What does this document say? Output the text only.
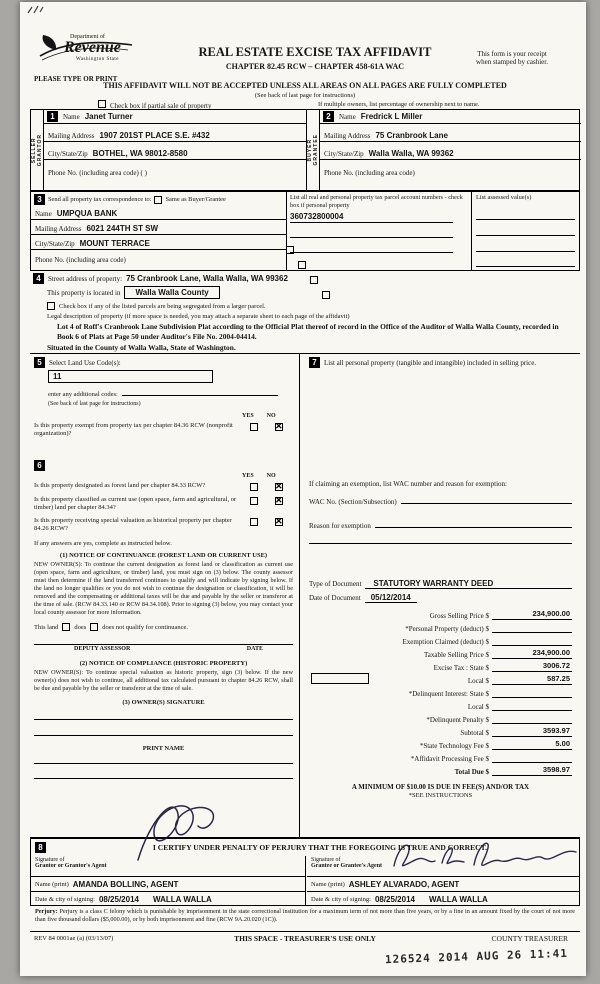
Department of
Revenue
Washington State
PLEASE TYPE OR PRINT
REAL ESTATE EXCISE TAX AFFIDAVIT
CHAPTER 82.45 RCW – CHAPTER 458-61A WAC
This form is your receipt
when stamped by cashier.
THIS AFFIDAVIT WILL NOT BE ACCEPTED UNLESS ALL AREAS ON ALL PAGES ARE FULLY COMPLETED
(See back of last page for instructions)
Check box if partial sale of property	If multiple owners, list percentage of ownership next to name.
SELLER GRANTOR
1	Name Janet Turner
Mailing Address 1907 201ST PLACE S.E. #432
City/State/Zip BOTHEL, WA 98012-8580
Phone No. (including area code) ( )
BUYER GRANTEE
2	Name Fredrick L Miller
Mailing Address 75 Cranbrook Lane
City/State/Zip Walla Walla, WA 99362
Phone No. (including area code)
3 Send all property tax correspondence to: Same as Buyer/Grantee
Name UMPQUA BANK
Mailing Address 6021 244TH ST SW
City/State/Zip MOUNT TERRACE
Phone No. (including area code)
List all real and personal property tax parcel account numbers - check box if personal property
360732800004

List assessed value(s)
4	Street address of property: 75 Cranbrook Lane, Walla Walla, WA 99362
This property is located in	Walla Walla County
Check box if any of the listed parcels are being segregated from a larger parcel.
Legal description of property (if more space is needed, you may attach a separate sheet to each page of the affidavit)
Lot 4 of Roff's Cranbrook Lane Subdivision Plat according to the Official Plat thereof of record in the Office of the Auditor of Walla Walla County, recorded in Book 6 of Plats at Page 50 under Auditor's File No. 2004-04414.
Situated in the County of Walla Walla, State of Washington.
5	Select Land Use Code(s):
11
enter any additional codes:
(See back of last page for instructions)
YES NO
Is this property exempt from property tax per chapter 84.36 RCW (nonprofit organization)?
✕
6
YES NO
Is this property designated as forest land per chapter 84.33 RCW?
✕
Is this property classified as current use (open space, farm and agricultural, or timber) land per chapter 84.34?
✕
Is this property receiving special valuation as historical property per chapter 84.26 RCW?
✕
If any answers are yes, complete as instructed below.
(1) NOTICE OF CONTINUANCE (FOREST LAND OR CURRENT USE)
NEW OWNER(S): To continue the current designation as forest land or classification as current use (open space, farm and agriculture, or timber) land, you must sign on (3) below. The county assessor must then determine if the land transferred continues to qualify and will indicate by signing below. If the land no longer qualifies or you do not wish to continue the designation or classification, it will be removed and the compensating or additional taxes will be due and payable by the seller or transferor at the time of sale. (RCW 84.33.140 or RCW 84.34.108). Prior to signing (3) below, you may contact your local county assessor for more information.
This land does does not qualify for continuance.
DEPUTY ASSESSOR	DATE
(2) NOTICE OF COMPLIANCE (HISTORIC PROPERTY)
NEW OWNER(S): To continue special valuation as historic property, sign (3) below. If the new owner(s) does not wish to continue, all additional tax calculated pursuant to chapter 84.26 RCW, shall be due and payable by the seller or transferor at the time of sale.
(3) OWNER(S) SIGNATURE
PRINT NAME
7	List all personal property (tangible and intangible) included in selling price.
If claiming an exemption, list WAC number and reason for exemption:
WAC No. (Section/Subsection)
Reason for exemption
Type of Document	STATUTORY WARRANTY DEED
Date of Document	05/12/2014
Gross Selling Price $	234,900.00
*Personal Property (deduct) $
Exemption Claimed (deduct) $
Taxable Selling Price $	234,900.00
Excise Tax : State $	3006.72
Local $	587.25
*Delinquent Interest: State $
Local $
*Delinquent Penalty $
Subtotal $	3593.97
*State Technology Fee $	5.00
*Affidavit Processing Fee $
Total Due $	3598.97
A MINIMUM OF $10.00 IS DUE IN FEE(S) AND/OR TAX
*SEE INSTRUCTIONS
8	I CERTIFY UNDER PENALTY OF PERJURY THAT THE FOREGOING IS TRUE AND CORRECT.
Signature of
Grantor or Grantor's Agent
Name (print) AMANDA BOLLING, AGENT
Date & city of signing: 08/25/2014 WALLA WALLA
Signature of
Grantee or Grantee's Agent
Name (print) ASHLEY ALVARADO, AGENT
Date & city of signing: 08/25/2014 WALLA WALLA
Perjury: Perjury is a class C felony which is punishable by imprisonment in the state correctional institution for a maximum term of not more than five years, or by a fine in an amount fixed by the court of not more than five thousand dollars ($5,000.00), or by both imprisonment and fine (RCW 9A.20.020 (1C)).
REV 84 0001ae (a) (03/13/07)	THIS SPACE - TREASURER'S USE ONLY	COUNTY TREASURER
126524 2014 AUG 26 11:41
